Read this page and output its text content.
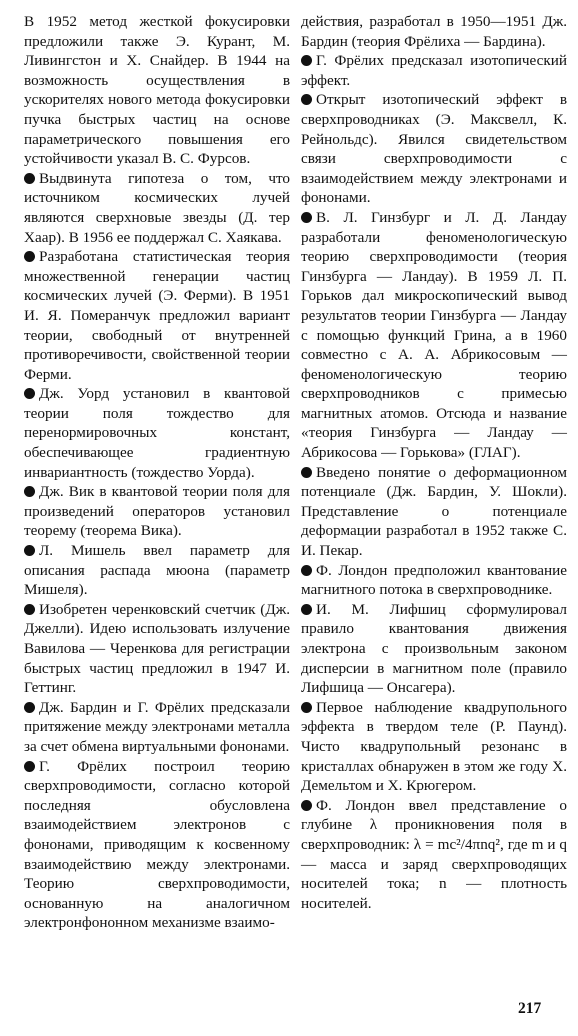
В 1952 метод жесткой фокусировки предложили также Э. Курант, М. Ливингстон и Х. Снайдер. В 1944 на возможность осуществления в ускорителях нового метода фокусировки пучка быстрых частиц на основе параметрического повышения его устойчивости указал В. С. Фурсов.

Выдвинута гипотеза о том, что источником космических лучей являются сверхновые звезды (Д. тер Хаар). В 1956 ее поддержал С. Хаякава.

Разработана статистическая теория множественной генерации частиц космических лучей (Э. Ферми). В 1951 И. Я. Померанчук предложил вариант теории, свободный от внутренней противоречивости, свойственной теории Ферми.

Дж. Уорд установил в квантовой теории поля тождество для перенормировочных констант, обеспечивающее градиентную инвариантность (тождество Уорда).

Дж. Вик в квантовой теории поля для произведений операторов установил теорему (теорема Вика).

Л. Мишель ввел параметр для описания распада мюона (параметр Мишеля).

Изобретен черенковский счетчик (Дж. Джелли). Идею использовать излучение Вавилова — Черенкова для регистрации быстрых частиц предложил в 1947 И. Геттинг.

Дж. Бардин и Г. Фрёлих предсказали притяжение между электронами металла за счет обмена виртуальными фононами.

Г. Фрёлих построил теорию сверхпроводимости, согласно которой последняя обусловлена взаимодействием электронов с фононами, приводящим к косвенному взаимодействию между электронами. Теорию сверхпроводимости, основанную на аналогичном электронфононном механизме взаимо-

действия, разработал в 1950—1951 Дж. Бардин (теория Фрёлиха — Бардина).

Г. Фрёлих предсказал изотопический эффект.

Открыт изотопический эффект в сверхпроводниках (Э. Максвелл, К. Рейнольдс). Явился свидетельством связи сверхпроводимости с взаимодействием между электронами и фононами.

В. Л. Гинзбург и Л. Д. Ландау разработали феноменологическую теорию сверхпроводимости (теория Гинзбурга — Ландау). В 1959 Л. П. Горьков дал микроскопический вывод результатов теории Гинзбурга — Ландау с помощью функций Грина, а в 1960 совместно с А. А. Абрикосовым — феноменологическую теорию сверхпроводников с примесью магнитных атомов. Отсюда и название «теория Гинзбурга — Ландау — Абрикосова — Горькова» (ГЛАГ).

Введено понятие о деформационном потенциале (Дж. Бардин, У. Шокли). Представление о потенциале деформации разработал в 1952 также С. И. Пекар.

Ф. Лондон предположил квантование магнитного потока в сверхпроводнике.

И. М. Лифшиц сформулировал правило квантования движения электрона с произвольным законом дисперсии в магнитном поле (правило Лифшица — Онсагера).

Первое наблюдение квадрупольного эффекта в твердом теле (Р. Паунд). Чисто квадрупольный резонанс в кристаллах обнаружен в этом же году Х. Демельтом и Х. Крюгером.

Ф. Лондон ввел представление о глубине λ проникновения поля в сверхпроводник: λ = mc²/4πnq², где m и q — масса и заряд сверхпроводящих носителей тока; n — плотность носителей.

217
